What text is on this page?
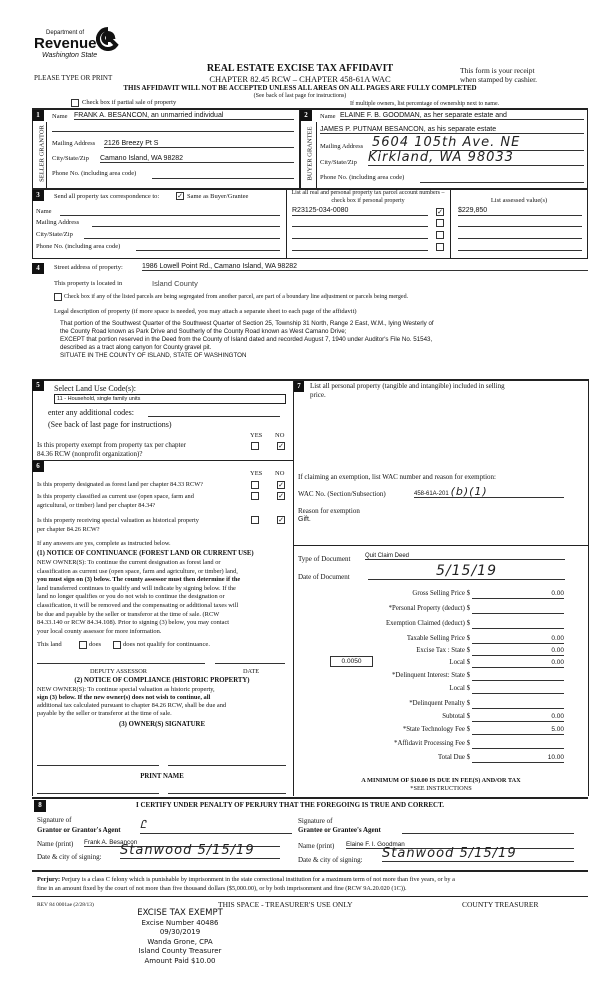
Department of
Revenue
Washington State
REAL ESTATE EXCISE TAX AFFIDAVIT
CHAPTER 82.45 RCW – CHAPTER 458-61A WAC
PLEASE TYPE OR PRINT
This form is your receipt
when stamped by cashier.
THIS AFFIDAVIT WILL NOT BE ACCEPTED UNLESS ALL AREAS ON ALL PAGES ARE FULLY COMPLETED
(See back of last page for instructions)
Check box if partial sale of property	If multiple owners, list percentage of ownership next to name.
1	2
SELLER GRANTOR	BUYER GRANTEE
Name FRANK A. BESANCON, an unmarried individual
Mailing Address 2126 Breezy Pt S
City/State/Zip Camano Island, WA 98282
Phone No. (including area code)
Name ELAINE F. B. GOODMAN, as her separate estate and
JAMES P. PUTNAM BESANCON, as his separate estate
Mailing Address 5604 105th Ave. NE
City/State/Zip Kirkland, WA 98033
Phone No. (including area code)
3	Send all property tax correspondence to:	✓ Same as Buyer/Grantee
Name
Mailing Address
City/State/Zip
Phone No. (including area code)
List all real and personal property tax parcel account numbers – check box if personal property	List assessed value(s)
R23125-034-0080	✓ $229,850
4	Street address of property:	1986 Lowell Point Rd., Camano Island, WA 98282
This property is located in	Island County
Check box if any of the listed parcels are being segregated from another parcel, are part of a boundary line adjustment or parcels being merged.
Legal description of property (if more space is needed, you may attach a separate sheet to each page of the affidavit)
That portion of the Southwest Quarter of the Southwest Quarter of Section 25, Township 31 North, Range 2 East, W.M., lying Westerly of
the County Road known as Park Drive and Southerly of the County Road known as West Camano Drive;
EXCEPT that portion reserved in the Deed from the County of Island dated and recorded August 7, 1940 under Auditor's File No. 51543,
described as a tract along canyon for County gravel pit.
SITUATE IN THE COUNTY OF ISLAND, STATE OF WASHINGTON
5	Select Land Use Code(s):
11 - Household, single family units
enter any additional codes:
(See back of last page for instructions)
YES NO
Is this property exempt from property tax per chapter
84.36 RCW (nonprofit organization)?
✓
6
YES NO
Is this property designated as forest land per chapter 84.33 RCW?	✓
Is this property classified as current use (open space, farm and
agricultural, or timber) land per chapter 84.34?
✓
Is this property receiving special valuation as historical property
per chapter 84.26 RCW?
✓
If any answers are yes, complete as instructed below.
(1) NOTICE OF CONTINUANCE (FOREST LAND OR CURRENT USE)
NEW OWNER(S): To continue the current designation as forest land or
classification as current use (open space, farm and agriculture, or timber) land,
you must sign on (3) below. The county assessor must then determine if the
land transferred continues to qualify and will indicate by signing below. If the
land no longer qualifies or you do not wish to continue the designation or
classification, it will be removed and the compensating or additional taxes will
be due and payable by the seller or transferor at the time of sale. (RCW
84.33.140 or RCW 84.34.108). Prior to signing (3) below, you may contact
your local county assessor for more information.
This land	does	does not qualify for continuance.
DEPUTY ASSESSOR	DATE
(2) NOTICE OF COMPLIANCE (HISTORIC PROPERTY)
NEW OWNER(S): To continue special valuation as historic property,
sign (3) below. If the new owner(s) does not wish to continue, all
additional tax calculated pursuant to chapter 84.26 RCW, shall be due and
payable by the seller or transferor at the time of sale.
(3) OWNER(S) SIGNATURE
PRINT NAME
7	List all personal property (tangible and intangible) included in selling
price.
If claiming an exemption, list WAC number and reason for exemption:
WAC No. (Section/Subsection)	458-61A-201 (b)(1)
Reason for exemption
Gift.
Type of Document Quit Claim Deed
Date of Document	5/15/19
0.0050
Gross Selling Price $	0.00
*Personal Property (deduct) $
Exemption Claimed (deduct) $
Taxable Selling Price $	0.00
Excise Tax : State $	0.00
Local $	0.00
*Delinquent Interest: State $
Local $
*Delinquent Penalty $
Subtotal $	0.00
*State Technology Fee $	5.00
*Affidavit Processing Fee $
Total Due $	10.00
A MINIMUM OF $10.00 IS DUE IN FEE(S) AND/OR TAX
*SEE INSTRUCTIONS
8	I CERTIFY UNDER PENALTY OF PERJURY THAT THE FOREGOING IS TRUE AND CORRECT.
Signature of
Grantor or Grantor's Agent Ꮭ
Name (print) Frank A. Besancon
Date & city of signing: Stanwood 5/15/19
Signature of
Grantee or Grantee's Agent

Name (print) Elaine F. I. Goodman
Date & city of signing: Stanwood 5/15/19
Perjury: Perjury is a class C felony which is punishable by imprisonment in the state correctional institution for a maximum term of not more than five years, or by a
fine in an amount fixed by the court of not more than five thousand dollars ($5,000.00), or by both imprisonment and fine (RCW 9A.20.020 (1C)).
REV 84 0001ae (2/28/13)	THIS SPACE - TREASURER'S USE ONLY	COUNTY TREASURER
EXCISE TAX EXEMPT
Excise Number 40486
09/30/2019
Wanda Grone, CPA
Island County Treasurer
Amount Paid $10.00
